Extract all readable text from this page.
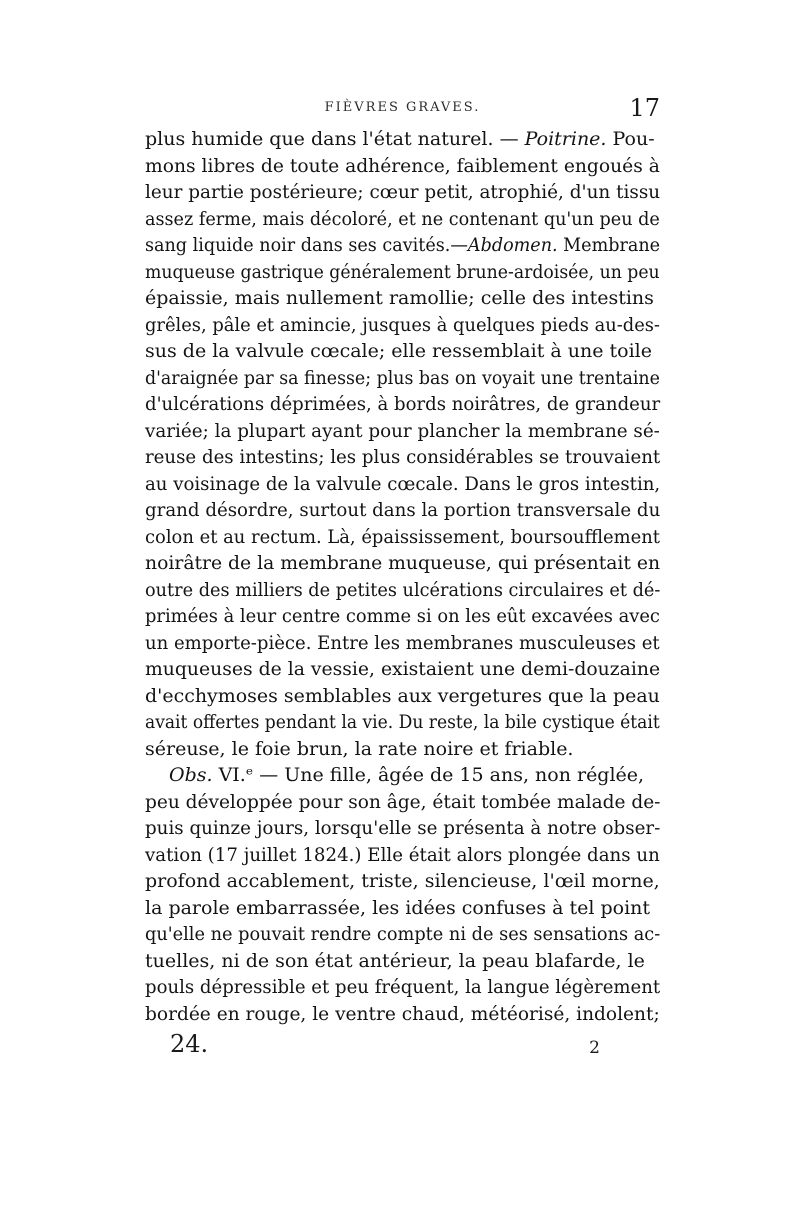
FIÈVRES GRAVES.	17
plus humide que dans l'état naturel. — Poitrine. Pou-
mons libres de toute adhérence, faiblement engoués à
leur partie postérieure; cœur petit, atrophié, d'un tissu
assez ferme, mais décoloré, et ne contenant qu'un peu de
sang liquide noir dans ses cavités.—Abdomen. Membrane
muqueuse gastrique généralement brune-ardoisée, un peu
épaissie, mais nullement ramollie; celle des intestins
grêles, pâle et amincie, jusques à quelques pieds au-des-
sus de la valvule cœcale; elle ressemblait à une toile
d'araignée par sa finesse; plus bas on voyait une trentaine
d'ulcérations déprimées, à bords noirâtres, de grandeur
variée; la plupart ayant pour plancher la membrane sé-
reuse des intestins; les plus considérables se trouvaient
au voisinage de la valvule cœcale. Dans le gros intestin,
grand désordre, surtout dans la portion transversale du
colon et au rectum. Là, épaississement, boursoufflement
noirâtre de la membrane muqueuse, qui présentait en
outre des milliers de petites ulcérations circulaires et dé-
primées à leur centre comme si on les eût excavées avec
un emporte-pièce. Entre les membranes musculeuses et
muqueuses de la vessie, existaient une demi-douzaine
d'ecchymoses semblables aux vergetures que la peau
avait offertes pendant la vie. Du reste, la bile cystique était
séreuse, le foie brun, la rate noire et friable.
Obs. VI.ᵉ — Une fille, âgée de 15 ans, non réglée,
peu développée pour son âge, était tombée malade de-
puis quinze jours, lorsqu'elle se présenta à notre obser-
vation (17 juillet 1824.) Elle était alors plongée dans un
profond accablement, triste, silencieuse, l'œil morne,
la parole embarrassée, les idées confuses à tel point
qu'elle ne pouvait rendre compte ni de ses sensations ac-
tuelles, ni de son état antérieur, la peau blafarde, le
pouls dépressible et peu fréquent, la langue légèrement
bordée en rouge, le ventre chaud, météorisé, indolent;
24.	2
